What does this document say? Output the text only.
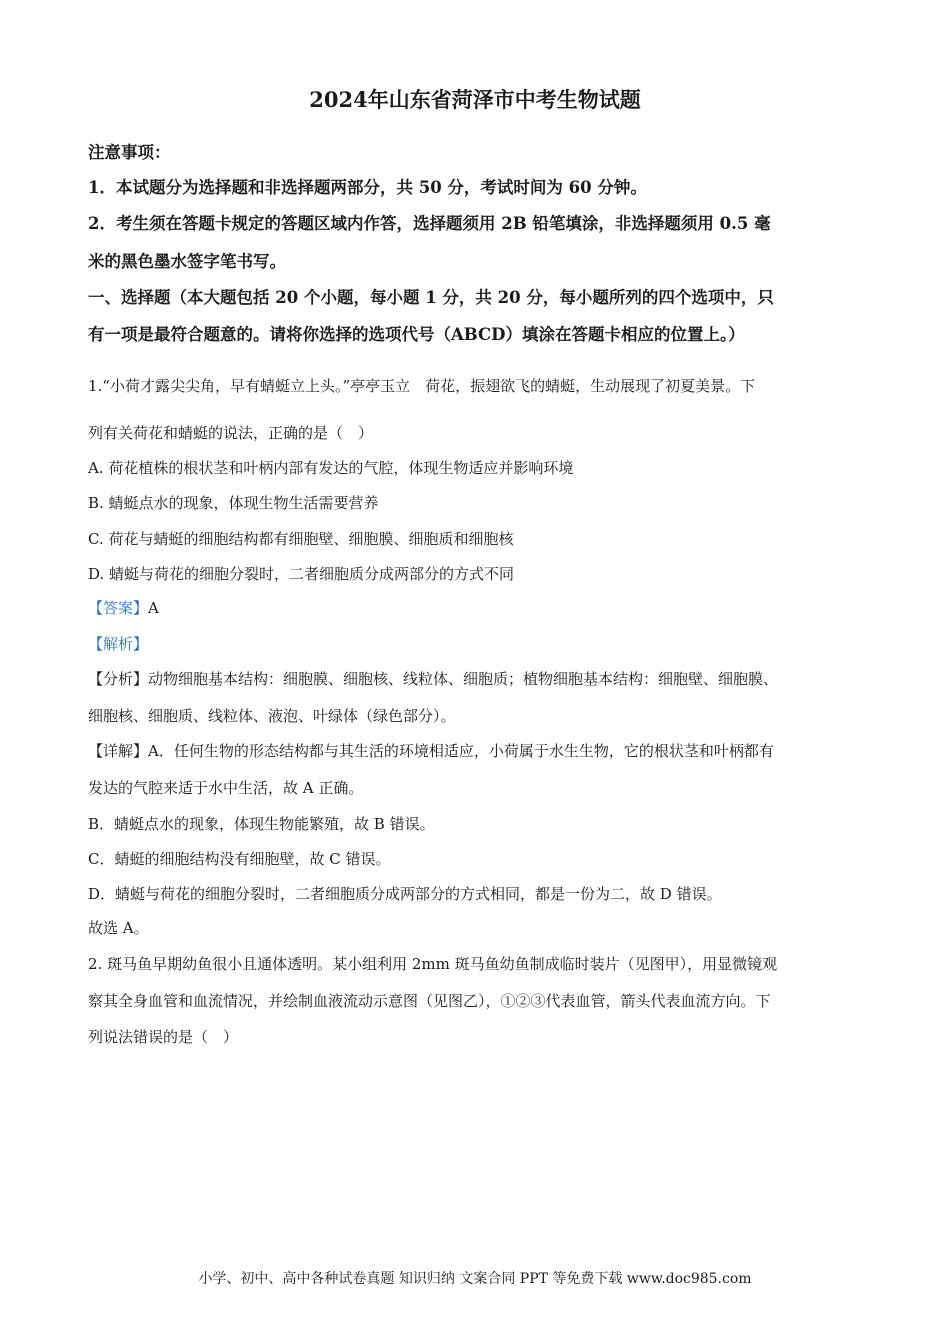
2024年山东省菏泽市中考生物试题
注意事项：
1．本试题分为选择题和非选择题两部分，共 50 分，考试时间为 60 分钟。
2．考生须在答题卡规定的答题区域内作答，选择题须用 2B 铅笔填涂，非选择题须用 0.5 毫
米的黑色墨水签字笔书写。
一、选择题（本大题包括 20 个小题，每小题 1 分，共 20 分，每小题所列的四个选项中，只
有一项是最符合题意的。请将你选择的选项代号（ABCD）填涂在答题卡相应的位置上。）
1.“小荷才露尖尖角，早有蜻蜓立上头。”亭亭玉立　荷花，振翅欲飞的蜻蜓，生动展现了初夏美景。下
列有关荷花和蜻蜓的说法，正确的是（　）
A. 荷花植株的根状茎和叶柄内部有发达的气腔，体现生物适应并影响环境
B. 蜻蜓点水的现象，体现生物生活需要营养
C. 荷花与蜻蜓的细胞结构都有细胞壁、细胞膜、细胞质和细胞核
D. 蜻蜓与荷花的细胞分裂时，二者细胞质分成两部分的方式不同
【答案】A
【解析】
【分析】动物细胞基本结构：细胞膜、细胞核、线粒体、细胞质；植物细胞基本结构：细胞壁、细胞膜、
细胞核、细胞质、线粒体、液泡、叶绿体（绿色部分）。
【详解】A．任何生物的形态结构都与其生活的环境相适应，小荷属于水生生物，它的根状茎和叶柄都有
发达的气腔来适于水中生活，故 A 正确。
B．蜻蜓点水的现象，体现生物能繁殖，故 B 错误。
C．蜻蜓的细胞结构没有细胞壁，故 C 错误。
D．蜻蜓与荷花的细胞分裂时，二者细胞质分成两部分的方式相同，都是一份为二，故 D 错误。
故选 A。
2. 斑马鱼早期幼鱼很小且通体透明。某小组利用 2mm 斑马鱼幼鱼制成临时装片（见图甲），用显微镜观
察其全身血管和血流情况，并绘制血液流动示意图（见图乙），①②③代表血管，箭头代表血流方向。下
列说法错误的是（　）
小学、初中、高中各种试卷真题 知识归纳 文案合同 PPT 等免费下载 www.doc985.com
